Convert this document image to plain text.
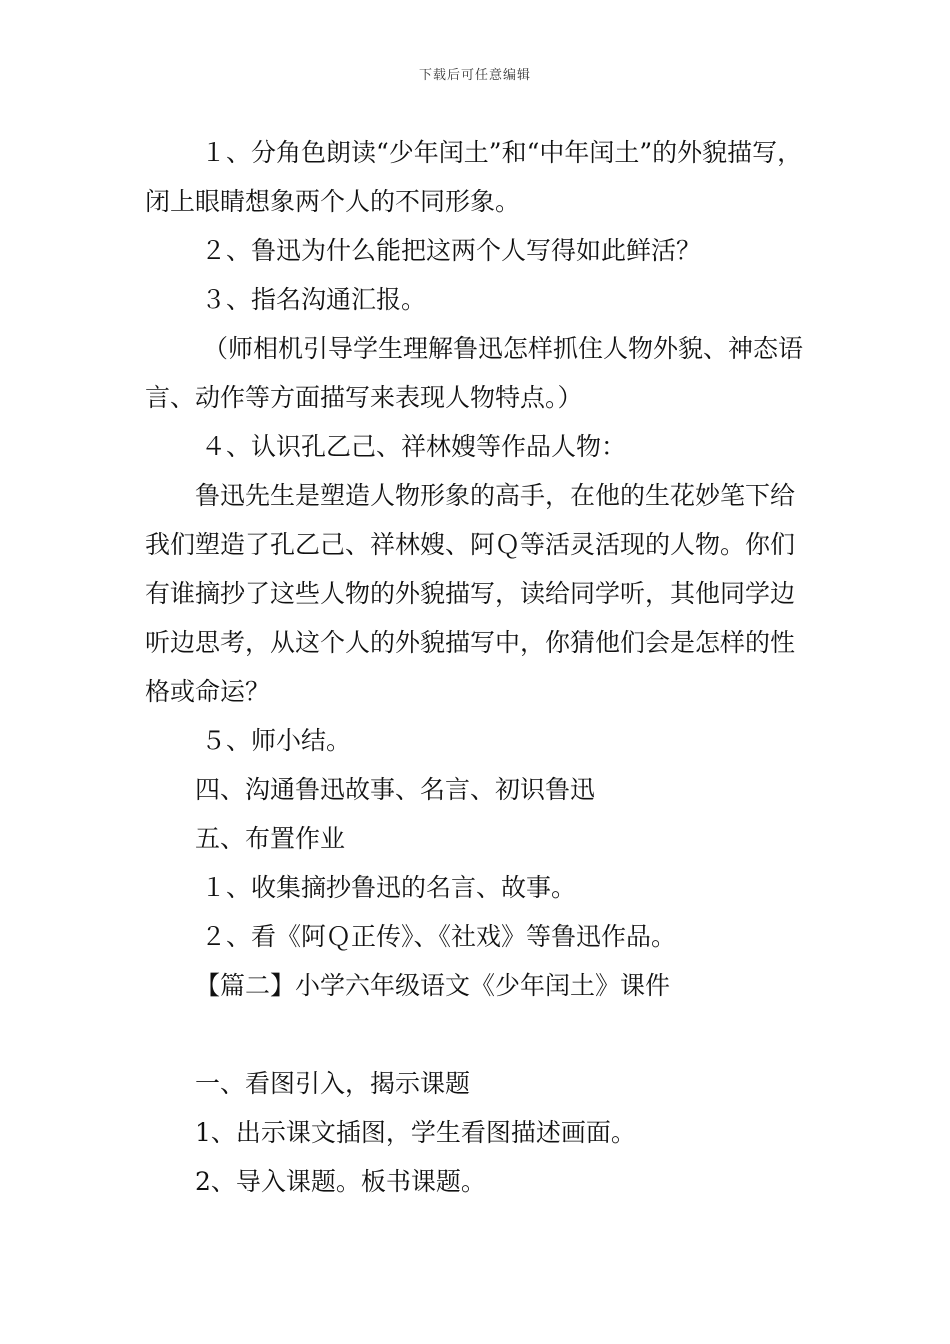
下载后可任意编辑

１、分角色朗读“少年闰土”和“中年闰土”的外貌描写，闭上眼睛想象两个人的不同形象。

２、鲁迅为什么能把这两个人写得如此鲜活？

３、指名沟通汇报。

（师相机引导学生理解鲁迅怎样抓住人物外貌、神态语言、动作等方面描写来表现人物特点。）

４、认识孔乙己、祥林嫂等作品人物：

鲁迅先生是塑造人物形象的高手，在他的生花妙笔下给我们塑造了孔乙己、祥林嫂、阿Ｑ等活灵活现的人物。你们有谁摘抄了这些人物的外貌描写，读给同学听，其他同学边听边思考，从这个人的外貌描写中，你猜他们会是怎样的性格或命运？

５、师小结。

四、沟通鲁迅故事、名言、初识鲁迅

五、布置作业

１、收集摘抄鲁迅的名言、故事。

２、看《阿Ｑ正传》、《社戏》等鲁迅作品。

【篇二】小学六年级语文《少年闰土》课件

一、看图引入，揭示课题

1、出示课文插图，学生看图描述画面。

2、导入课题。板书课题。
